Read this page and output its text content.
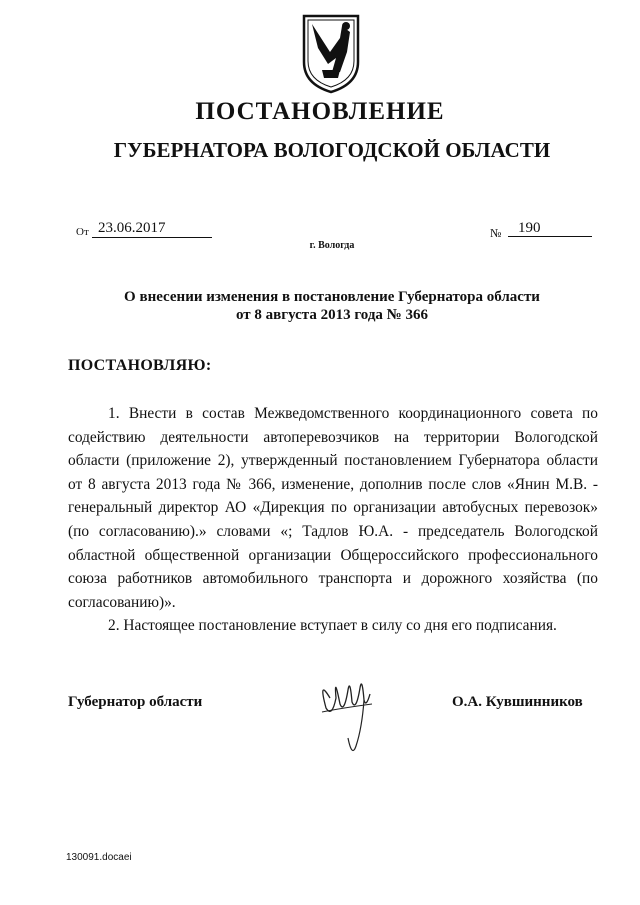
ПОСТАНОВЛЕНИЕ
ГУБЕРНАТОРА ВОЛОГОДСКОЙ ОБЛАСТИ
От 23.06.2017	№	190
г. Вологда
О внесении изменения в постановление Губернатора области
от 8 августа 2013 года № 366
ПОСТАНОВЛЯЮ:

1. Внести в состав Межведомственного координационного совета по содействию деятельности автоперевозчиков на территории Вологодской области (приложение 2), утвержденный постановлением Губернатора области от 8 августа 2013 года № 366, изменение, дополнив после слов «Янин М.В. - генеральный директор АО «Дирекция по организации автобусных перевозок» (по согласованию).» словами «; Тадлов Ю.А. - председатель Вологодской областной общественной организации Общероссийского профессионального союза работников автомобильного транспорта и дорожного хозяйства (по согласованию)».

2. Настоящее постановление вступает в силу со дня его подписания.

Губернатор области	О.А. Кувшинников
130091.docaei
